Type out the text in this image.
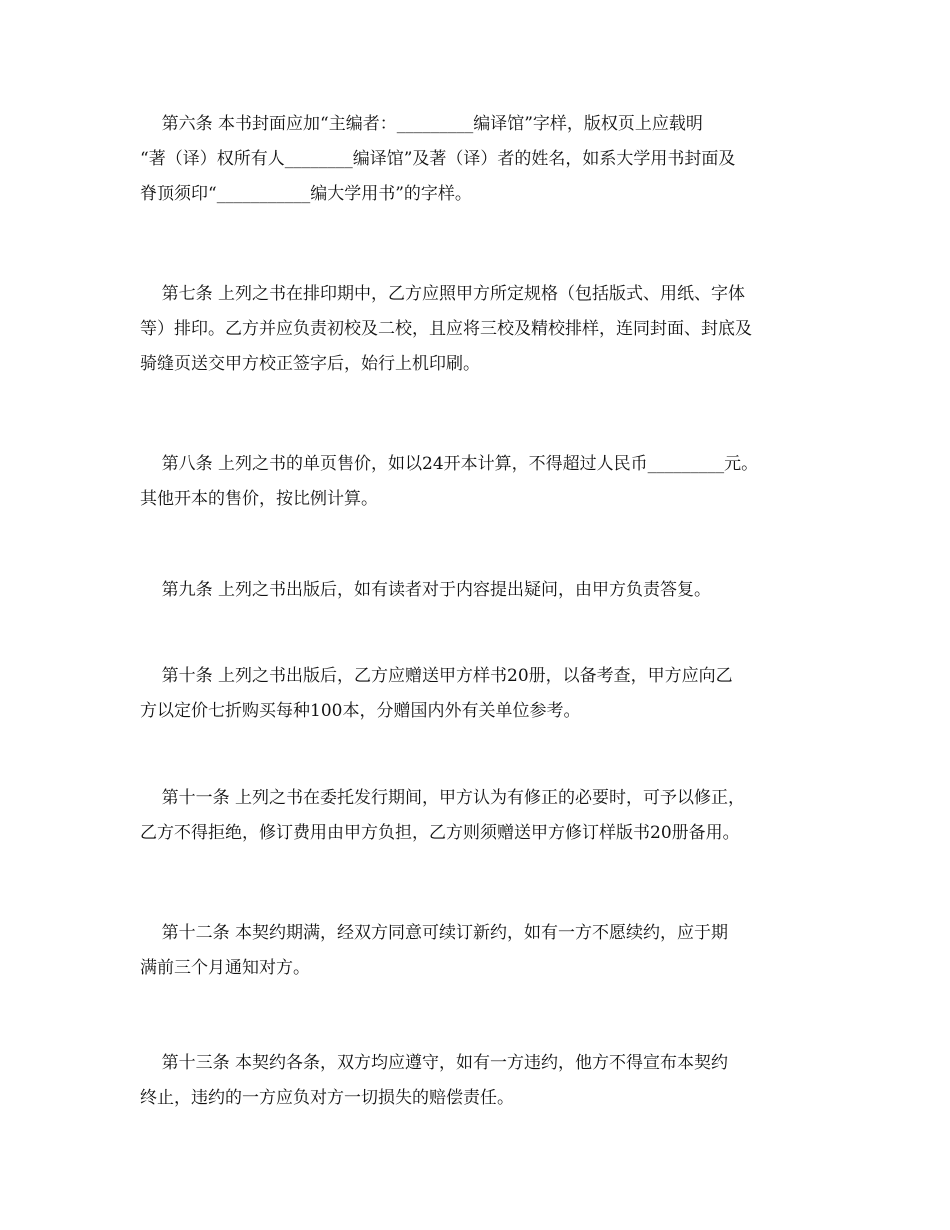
第六条 本书封面应加“主编者：_________编译馆”字样，版权页上应载明
“著（译）权所有人________编译馆”及著（译）者的姓名，如系大学用书封面及
脊顶须印“___________编大学用书”的字样。
第七条 上列之书在排印期中，乙方应照甲方所定规格（包括版式、用纸、字体
等）排印。乙方并应负责初校及二校，且应将三校及精校排样，连同封面、封底及
骑缝页送交甲方校正签字后，始行上机印刷。
第八条 上列之书的单页售价，如以24开本计算，不得超过人民币_________元。
其他开本的售价，按比例计算。
第九条 上列之书出版后，如有读者对于内容提出疑问，由甲方负责答复。
第十条 上列之书出版后，乙方应赠送甲方样书20册，以备考查，甲方应向乙
方以定价七折购买每种100本，分赠国内外有关单位参考。
第十一条 上列之书在委托发行期间，甲方认为有修正的必要时，可予以修正，
乙方不得拒绝，修订费用由甲方负担，乙方则须赠送甲方修订样版书20册备用。
第十二条 本契约期满，经双方同意可续订新约，如有一方不愿续约，应于期
满前三个月通知对方。
第十三条 本契约各条，双方均应遵守，如有一方违约，他方不得宣布本契约
终止，违约的一方应负对方一切损失的赔偿责任。
